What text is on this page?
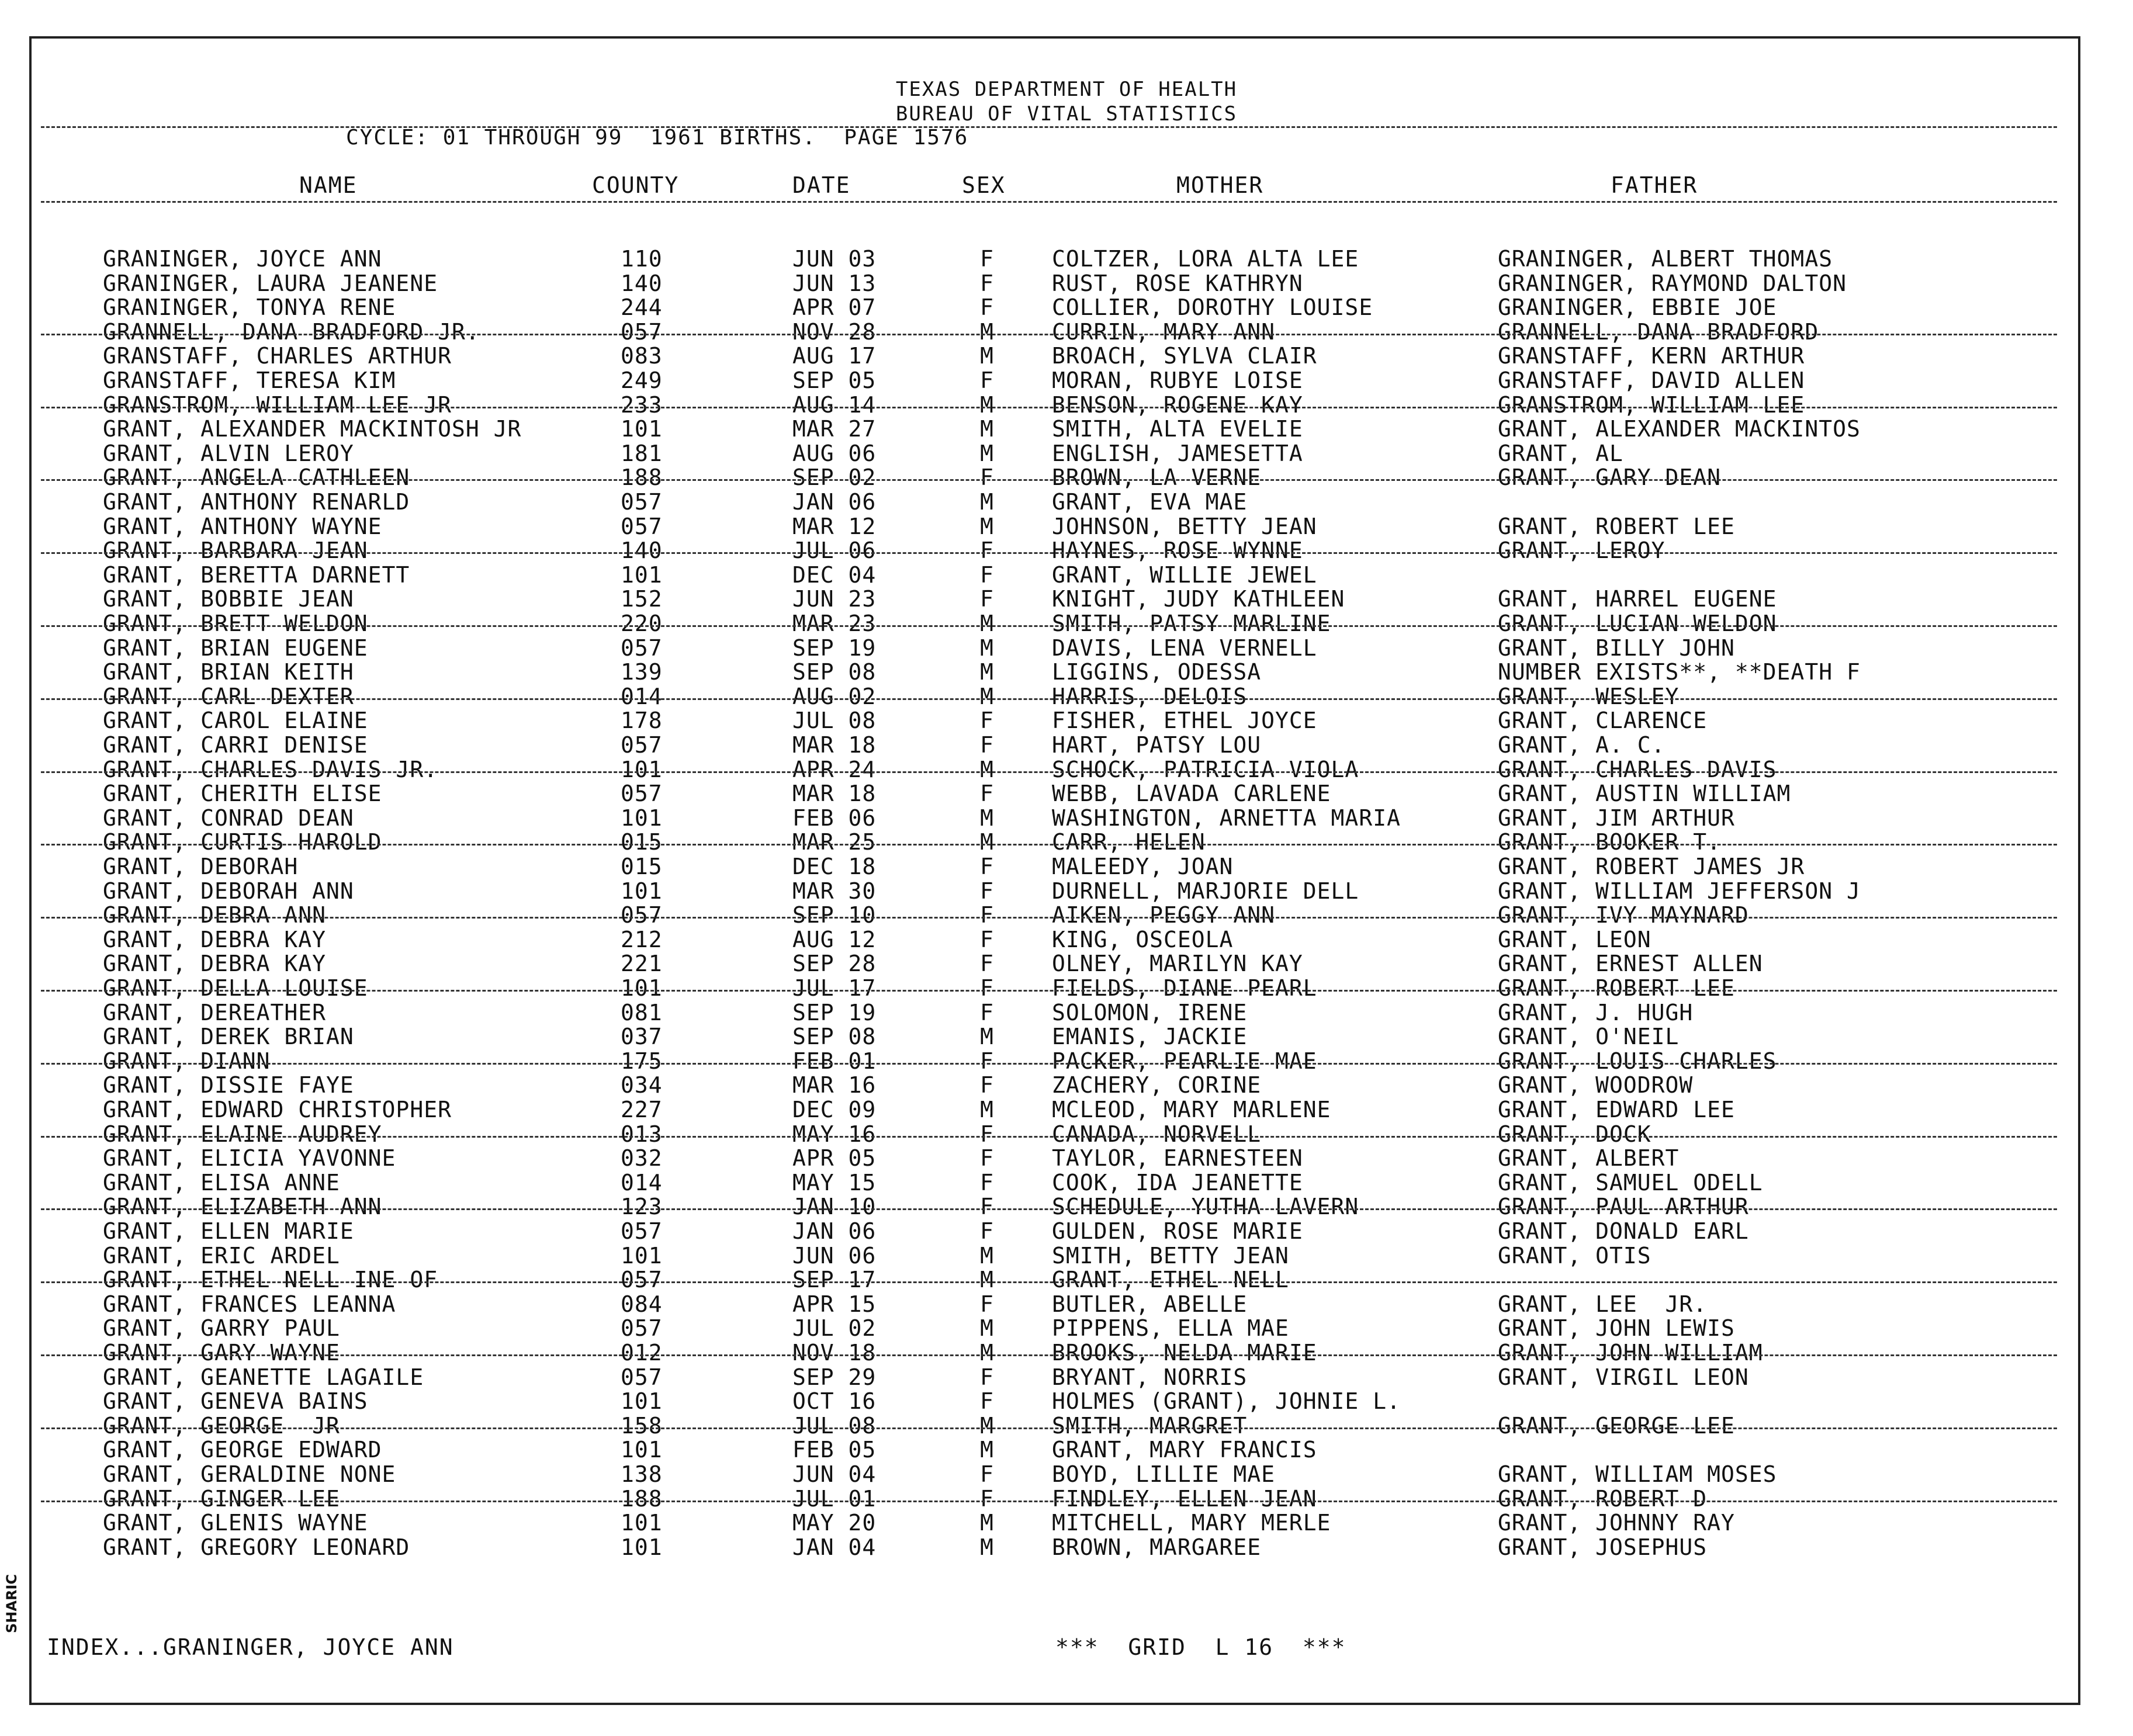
TEXAS DEPARTMENT OF HEALTH
BUREAU OF VITAL STATISTICS
CYCLE: 01 THROUGH 99  1961 BIRTHS.  PAGE 1576
NAME	COUNTY	DATE	SEX	MOTHER	FATHER
GRANINGER, JOYCE ANN	110	JUN 03	F	COLTZER, LORA ALTA LEE	GRANINGER, ALBERT THOMAS
GRANINGER, LAURA JEANENE	140	JUN 13	F	RUST, ROSE KATHRYN	GRANINGER, RAYMOND DALTON
GRANINGER, TONYA RENE	244	APR 07	F	COLLIER, DOROTHY LOUISE	GRANINGER, EBBIE JOE
GRANNELL, DANA BRADFORD JR.	057	NOV 28	M	CURRIN, MARY ANN	GRANNELL, DANA BRADFORD
GRANSTAFF, CHARLES ARTHUR	083	AUG 17	M	BROACH, SYLVA CLAIR	GRANSTAFF, KERN ARTHUR
GRANSTAFF, TERESA KIM	249	SEP 05	F	MORAN, RUBYE LOISE	GRANSTAFF, DAVID ALLEN
GRANSTROM, WILLIAM LEE JR	233	AUG 14	M	BENSON, ROGENE KAY	GRANSTROM, WILLIAM LEE
GRANT, ALEXANDER MACKINTOSH JR	101	MAR 27	M	SMITH, ALTA EVELIE	GRANT, ALEXANDER MACKINTOS
GRANT, ALVIN LEROY	181	AUG 06	M	ENGLISH, JAMESETTA	GRANT, AL
GRANT, ANGELA CATHLEEN	188	SEP 02	F	BROWN, LA VERNE	GRANT, GARY DEAN
GRANT, ANTHONY RENARLD	057	JAN 06	M	GRANT, EVA MAE
GRANT, ANTHONY WAYNE	057	MAR 12	M	JOHNSON, BETTY JEAN	GRANT, ROBERT LEE
GRANT, BARBARA JEAN	140	JUL 06	F	HAYNES, ROSE WYNNE	GRANT, LEROY
GRANT, BERETTA DARNETT	101	DEC 04	F	GRANT, WILLIE JEWEL
GRANT, BOBBIE JEAN	152	JUN 23	F	KNIGHT, JUDY KATHLEEN	GRANT, HARREL EUGENE
GRANT, BRETT WELDON	220	MAR 23	M	SMITH, PATSY MARLINE	GRANT, LUCIAN WELDON
GRANT, BRIAN EUGENE	057	SEP 19	M	DAVIS, LENA VERNELL	GRANT, BILLY JOHN
GRANT, BRIAN KEITH	139	SEP 08	M	LIGGINS, ODESSA	NUMBER EXISTS**, **DEATH F
GRANT, CARL DEXTER	014	AUG 02	M	HARRIS, DELOIS	GRANT, WESLEY
GRANT, CAROL ELAINE	178	JUL 08	F	FISHER, ETHEL JOYCE	GRANT, CLARENCE
GRANT, CARRI DENISE	057	MAR 18	F	HART, PATSY LOU	GRANT, A. C.
GRANT, CHARLES DAVIS JR.	101	APR 24	M	SCHOCK, PATRICIA VIOLA	GRANT, CHARLES DAVIS
GRANT, CHERITH ELISE	057	MAR 18	F	WEBB, LAVADA CARLENE	GRANT, AUSTIN WILLIAM
GRANT, CONRAD DEAN	101	FEB 06	M	WASHINGTON, ARNETTA MARIA	GRANT, JIM ARTHUR
GRANT, CURTIS HAROLD	015	MAR 25	M	CARR, HELEN	GRANT, BOOKER T.
GRANT, DEBORAH	015	DEC 18	F	MALEEDY, JOAN	GRANT, ROBERT JAMES JR
GRANT, DEBORAH ANN	101	MAR 30	F	DURNELL, MARJORIE DELL	GRANT, WILLIAM JEFFERSON J
GRANT, DEBRA ANN	057	SEP 10	F	AIKEN, PEGGY ANN	GRANT, IVY MAYNARD
GRANT, DEBRA KAY	212	AUG 12	F	KING, OSCEOLA	GRANT, LEON
GRANT, DEBRA KAY	221	SEP 28	F	OLNEY, MARILYN KAY	GRANT, ERNEST ALLEN
GRANT, DELLA LOUISE	101	JUL 17	F	FIELDS, DIANE PEARL	GRANT, ROBERT LEE
GRANT, DEREATHER	081	SEP 19	F	SOLOMON, IRENE	GRANT, J. HUGH
GRANT, DEREK BRIAN	037	SEP 08	M	EMANIS, JACKIE	GRANT, O'NEIL
GRANT, DIANN	175	FEB 01	F	PACKER, PEARLIE MAE	GRANT, LOUIS CHARLES
GRANT, DISSIE FAYE	034	MAR 16	F	ZACHERY, CORINE	GRANT, WOODROW
GRANT, EDWARD CHRISTOPHER	227	DEC 09	M	MCLEOD, MARY MARLENE	GRANT, EDWARD LEE
GRANT, ELAINE AUDREY	013	MAY 16	F	CANADA, NORVELL	GRANT, DOCK
GRANT, ELICIA YAVONNE	032	APR 05	F	TAYLOR, EARNESTEEN	GRANT, ALBERT
GRANT, ELISA ANNE	014	MAY 15	F	COOK, IDA JEANETTE	GRANT, SAMUEL ODELL
GRANT, ELIZABETH ANN	123	JAN 10	F	SCHEDULE, YUTHA LAVERN	GRANT, PAUL ARTHUR
GRANT, ELLEN MARIE	057	JAN 06	F	GULDEN, ROSE MARIE	GRANT, DONALD EARL
GRANT, ERIC ARDEL	101	JUN 06	M	SMITH, BETTY JEAN	GRANT, OTIS
GRANT, ETHEL NELL INE OF	057	SEP 17	M	GRANT, ETHEL NELL
GRANT, FRANCES LEANNA	084	APR 15	F	BUTLER, ABELLE	GRANT, LEE  JR.
GRANT, GARRY PAUL	057	JUL 02	M	PIPPENS, ELLA MAE	GRANT, JOHN LEWIS
GRANT, GARY WAYNE	012	NOV 18	M	BROOKS, NELDA MARIE	GRANT, JOHN WILLIAM
GRANT, GEANETTE LAGAILE	057	SEP 29	F	BRYANT, NORRIS	GRANT, VIRGIL LEON
GRANT, GENEVA BAINS	101	OCT 16	F	HOLMES (GRANT), JOHNIE L.
GRANT, GEORGE  JR	158	JUL 08	M	SMITH, MARGRET	GRANT, GEORGE LEE
GRANT, GEORGE EDWARD	101	FEB 05	M	GRANT, MARY FRANCIS
GRANT, GERALDINE NONE	138	JUN 04	F	BOYD, LILLIE MAE	GRANT, WILLIAM MOSES
GRANT, GINGER LEE	188	JUL 01	F	FINDLEY, ELLEN JEAN	GRANT, ROBERT D
GRANT, GLENIS WAYNE	101	MAY 20	M	MITCHELL, MARY MERLE	GRANT, JOHNNY RAY
GRANT, GREGORY LEONARD	101	JAN 04	M	BROWN, MARGAREE	GRANT, JOSEPHUS
INDEX...GRANINGER, JOYCE ANN	***  GRID  L 16  ***
SHARIC
